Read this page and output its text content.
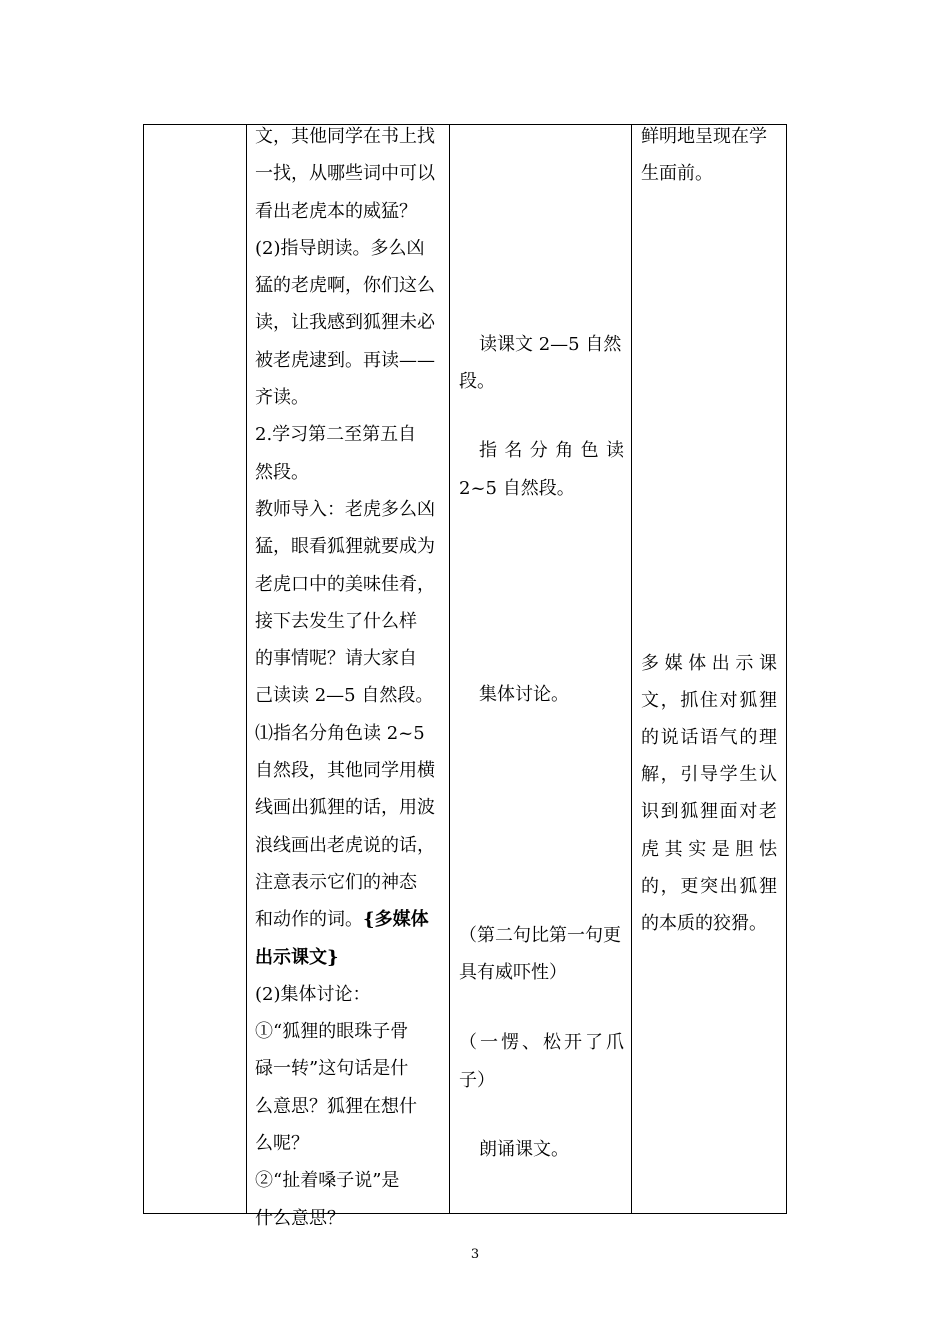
文，其他同学在书上找
一找，从哪些词中可以
看出老虎本的威猛？
(2)指导朗读。多么凶
猛的老虎啊，你们这么
读，让我感到狐狸未必
被老虎逮到。再读——
齐读。
2.学习第二至第五自
然段。
教师导入：老虎多么凶
猛，眼看狐狸就要成为
老虎口中的美味佳肴，
接下去发生了什么样
的事情呢？请大家自
己读读 2—5 自然段。
⑴指名分角色读 2~5
自然段，其他同学用横
线画出狐狸的话，用波
浪线画出老虎说的话，
注意表示它们的神态
和动作的词。{多媒体
出示课文}
(2)集体讨论：
①“狐狸的眼珠子骨
碌一转”这句话是什
么意思？狐狸在想什
么呢？
②“扯着嗓子说”是
什么意思？
读课文 2—5 自然
段。
指名分角色读
2~5 自然段。
集体讨论。
（第二句比第一句更
具有威吓性）
（一愣、松开了爪
子）
朗诵课文。
鲜明地呈现在学
生面前。
多媒体出示课
文，抓住对狐狸
的说话语气的理
解，引导学生认
识到狐狸面对老
虎其实是胆怯
的，更突出狐狸
的本质的狡猾。
3
